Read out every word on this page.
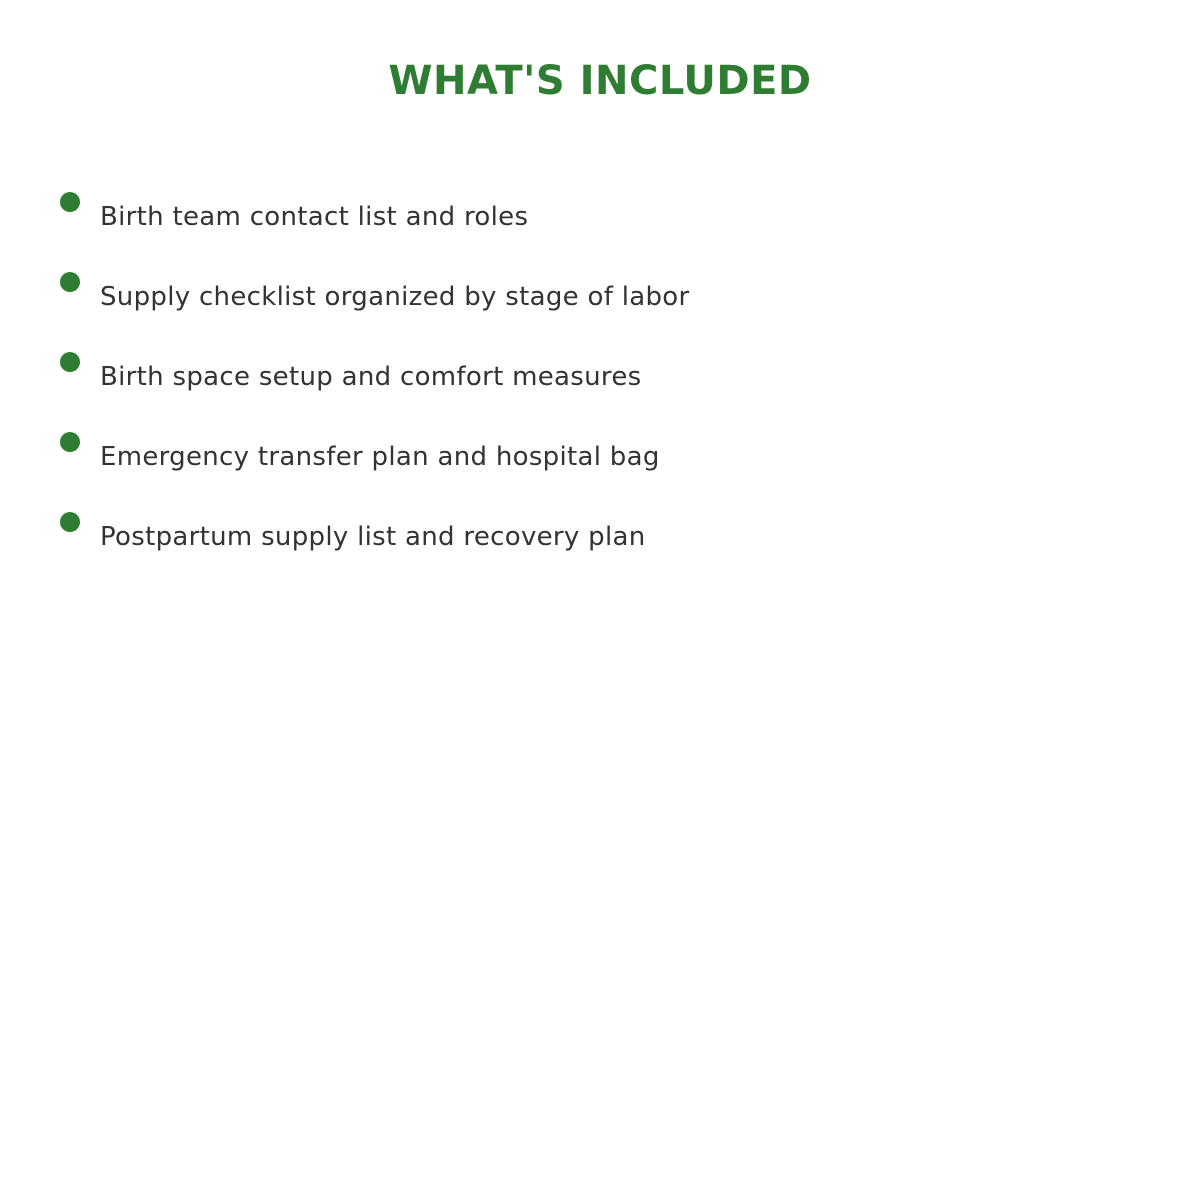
WHAT'S INCLUDED
Birth team contact list and roles
Supply checklist organized by stage of labor
Birth space setup and comfort measures
Emergency transfer plan and hospital bag
Postpartum supply list and recovery plan
